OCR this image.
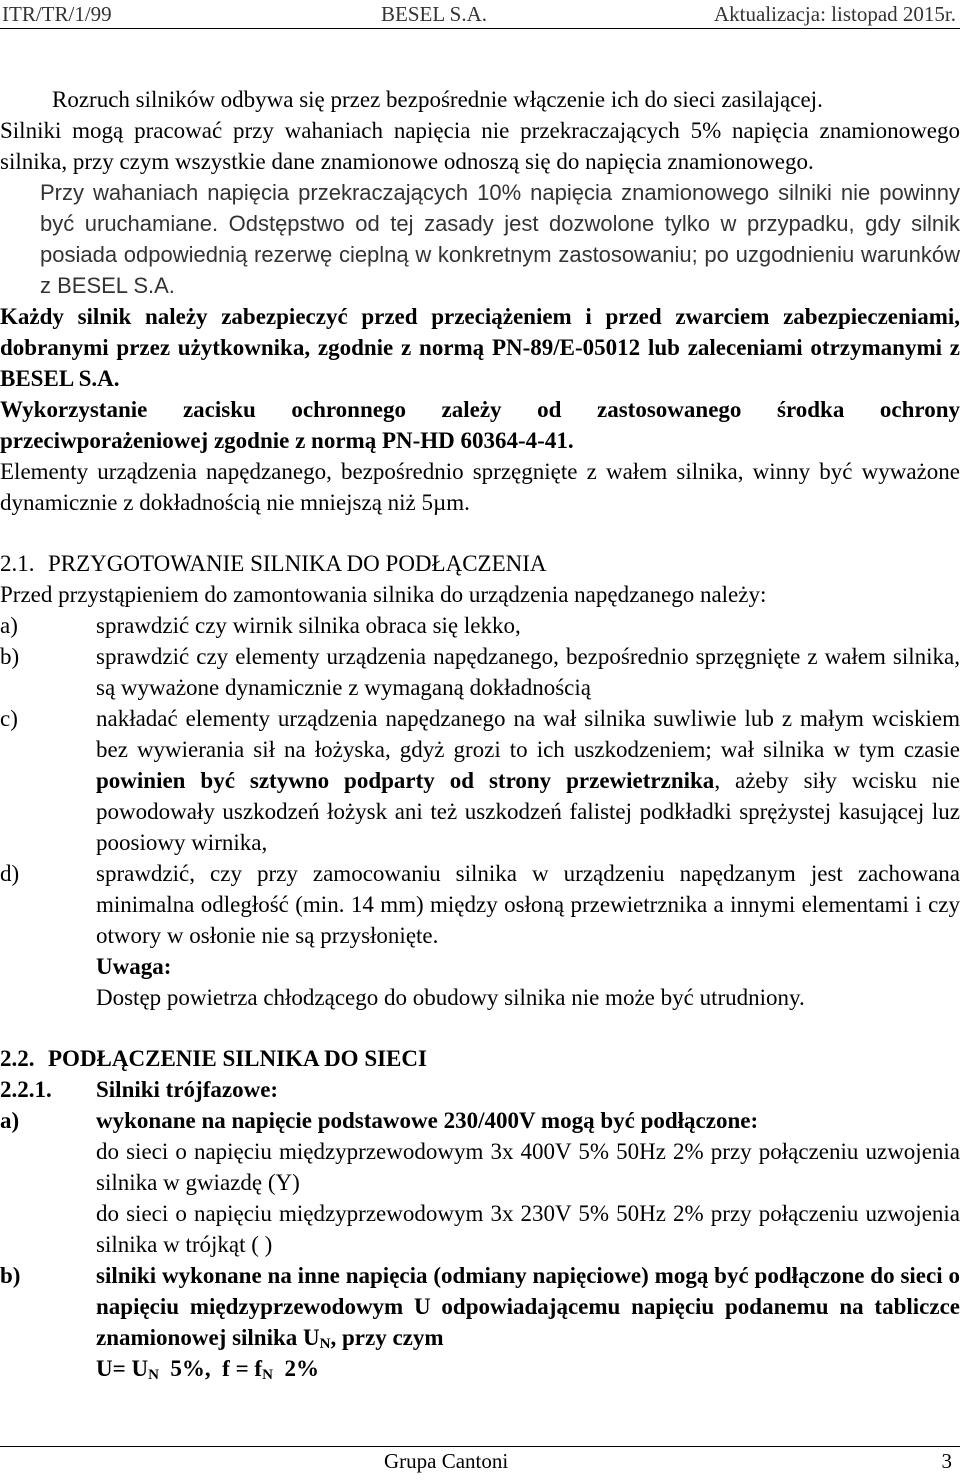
ITR/TR/1/99	BESEL S.A.	Aktualizacja: listopad 2015r.

Rozruch silników odbywa się przez bezpośrednie włączenie ich do sieci zasilającej.

Silniki mogą pracować przy wahaniach napięcia nie przekraczających 5% napięcia znamionowego silnika, przy czym wszystkie dane znamionowe odnoszą się do napięcia znamionowego.

Przy wahaniach napięcia przekraczających 10% napięcia znamionowego silniki nie powinny być uruchamiane. Odstępstwo od tej zasady jest dozwolone tylko w przypadku, gdy silnik posiada odpowiednią rezerwę cieplną w konkretnym zastosowaniu; po uzgodnieniu warunków z BESEL S.A.

Każdy silnik należy zabezpieczyć przed przeciążeniem i przed zwarciem zabezpieczeniami, dobranymi przez użytkownika, zgodnie z normą PN-89/E-05012 lub zaleceniami otrzymanymi z BESEL S.A.

Wykorzystanie zacisku ochronnego zależy od zastosowanego środka ochrony przeciwporażeniowej zgodnie z normą PN-HD 60364-4-41.

Elementy urządzenia napędzanego, bezpośrednio sprzęgnięte z wałem silnika, winny być wyważone dynamicznie z dokładnością nie mniejszą niż 5µm.

2.1. PRZYGOTOWANIE SILNIKA DO PODŁĄCZENIA

Przed przystąpieniem do zamontowania silnika do urządzenia napędzanego należy:

a)	sprawdzić czy wirnik silnika obraca się lekko,
b)	sprawdzić czy elementy urządzenia napędzanego, bezpośrednio sprzęgnięte z wałem silnika, są wyważone dynamicznie z wymaganą dokładnością
c)	nakładać elementy urządzenia napędzanego na wał silnika suwliwie lub z małym wciskiem bez wywierania sił na łożyska, gdyż grozi to ich uszkodzeniem; wał silnika w tym czasie powinien być sztywno podparty od strony przewietrznika, ażeby siły wcisku nie powodowały uszkodzeń łożysk ani też uszkodzeń falistej podkładki sprężystej kasującej luz poosiowy wirnika,
d)	sprawdzić, czy przy zamocowaniu silnika w urządzeniu napędzanym jest zachowana minimalna odległość (min. 14 mm) między osłoną przewietrznika a innymi elementami i czy otwory w osłonie nie są przysłonięte.
Uwaga:
Dostęp powietrza chłodzącego do obudowy silnika nie może być utrudniony.
2.2. PODŁĄCZENIE SILNIKA DO SIECI
2.2.1. Silniki trójfazowe:
a)	wykonane na napięcie podstawowe 230/400V mogą być podłączone:

do sieci o napięciu międzyprzewodowym 3x 400V 5% 50Hz 2% przy połączeniu uzwojenia silnika w gwiazdę (Y)

do sieci o napięciu międzyprzewodowym 3x 230V 5% 50Hz 2% przy połączeniu uzwojenia silnika w trójkąt ( )

b)	silniki wykonane na inne napięcia (odmiany napięciowe) mogą być podłączone do sieci o napięciu międzyprzewodowym U odpowiadającemu napięciu podanemu na tabliczce znamionowej silnika $U_N$, przy czym
$U= U_N$  5%,  $f = f_N$  2%
Grupa Cantoni	3
